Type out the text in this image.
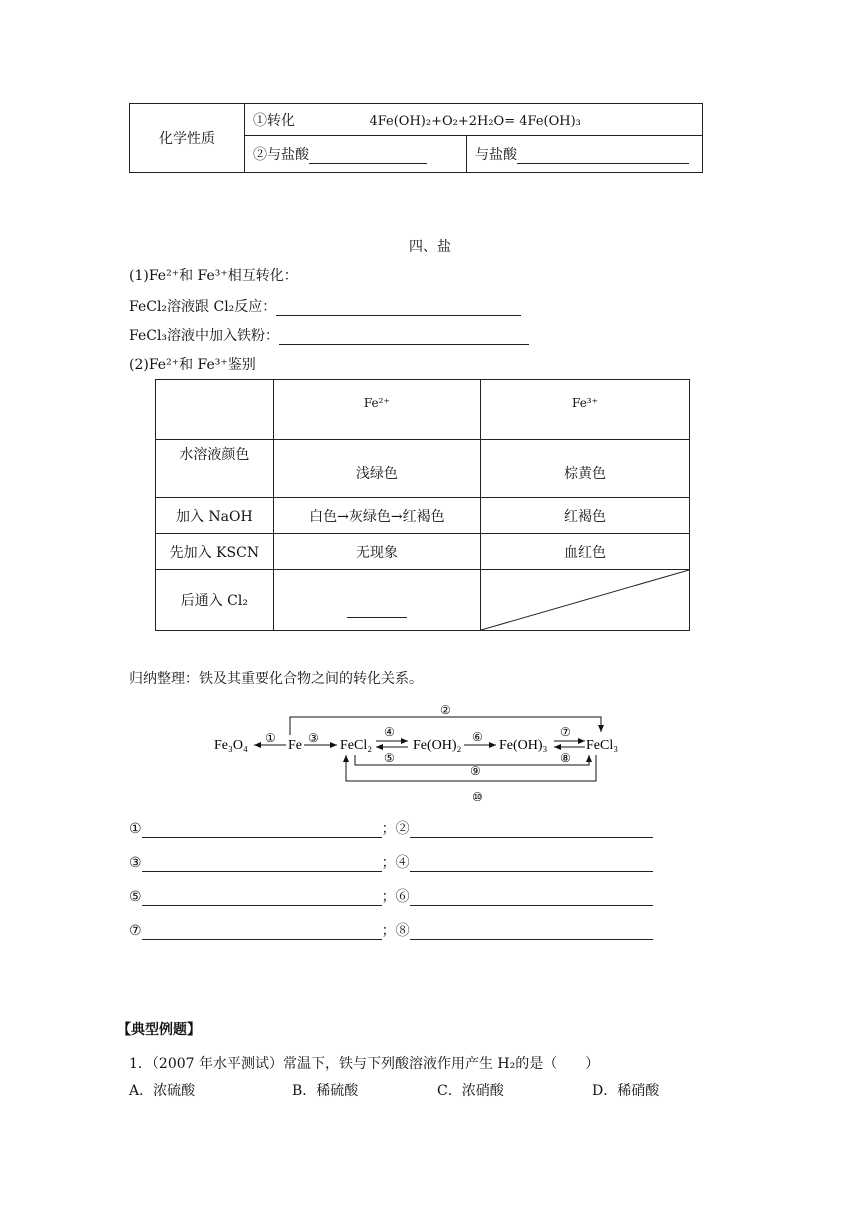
化学性质	①转化 4Fe(OH)₂+O₂+2H₂O= 4Fe(OH)₃	
	②与盐酸	与盐酸
四、盐
(1)Fe²⁺和 Fe³⁺相互转化：
FeCl₂溶液跟 Cl₂反应：
FeCl₃溶液中加入铁粉：
(2)Fe²⁺和 Fe³⁺鉴别
	Fe²⁺	Fe³⁺
水溶液颜色	浅绿色	棕黄色
加入 NaOH	白色→灰绿色→红褐色	红褐色
先加入 KSCN	无现象	血红色
后通入 Cl₂		
归纳整理：铁及其重要化合物之间的转化关系。
Fe₃O₄	Fe	FeCl₂	Fe(OH)₂	Fe(OH)₃	FeCl₃
①	③	④
⑤
⑥	⑦
⑧
②
⑨
⑩
①	；②
③	；④
⑤	；⑥
⑦	；⑧
【典型例题】
1．（2007 年水平测试）常温下，铁与下列酸溶液作用产生 H₂的是（　　）
A．浓硫酸	B．稀硫酸	C．浓硝酸	D．稀硝酸
